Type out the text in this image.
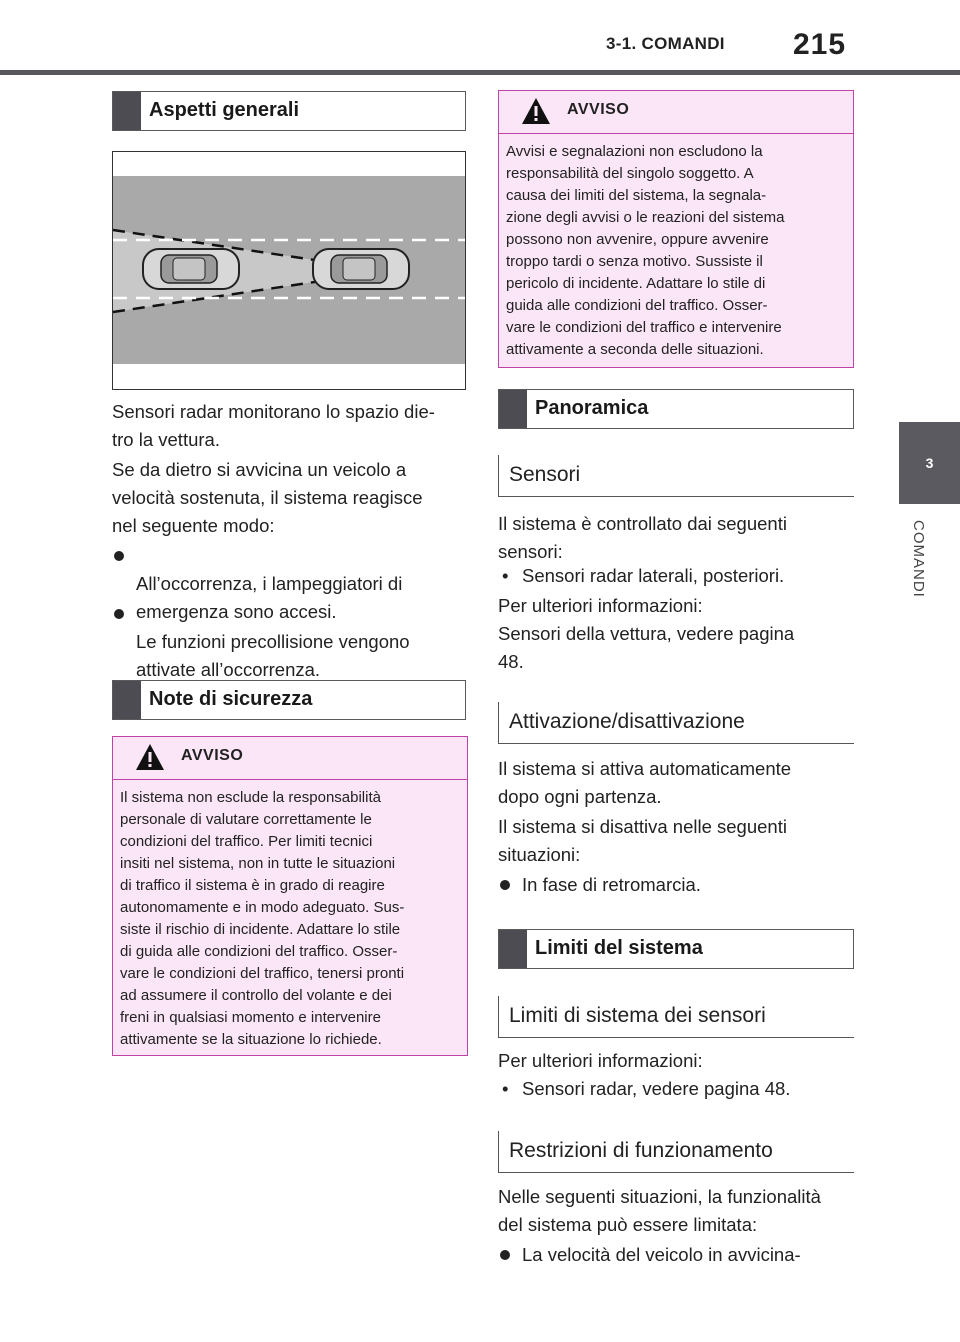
3-1. COMANDI 215
3
COMANDI
Aspetti generali
Sensori radar monitorano lo spazio die-
tro la vettura.
Se da dietro si avvicina un veicolo a
velocità sostenuta, il sistema reagisce
nel seguente modo:

All’occorrenza, i lampeggiatori di
emergenza sono accesi.

Le funzioni precollisione vengono
attivate all’occorrenza.

Note di sicurezza
AVVISO
Il sistema non esclude la responsabilità
personale di valutare correttamente le
condizioni del traffico. Per limiti tecnici
insiti nel sistema, non in tutte le situazioni
di traffico il sistema è in grado di reagire
autonomamente e in modo adeguato. Sus-
siste il rischio di incidente. Adattare lo stile
di guida alle condizioni del traffico. Osser-
vare le condizioni del traffico, tenersi pronti
ad assumere il controllo del volante e dei
freni in qualsiasi momento e intervenire
attivamente se la situazione lo richiede.
AVVISO
Avvisi e segnalazioni non escludono la
responsabilità del singolo soggetto. A
causa dei limiti del sistema, la segnala-
zione degli avvisi o le reazioni del sistema
possono non avvenire, oppure avvenire
troppo tardi o senza motivo. Sussiste il
pericolo di incidente. Adattare lo stile di
guida alle condizioni del traffico. Osser-
vare le condizioni del traffico e intervenire
attivamente a seconda delle situazioni.
Panoramica
Sensori
Il sistema è controllato dai seguenti
sensori:
• Sensori radar laterali, posteriori.
Per ulteriori informazioni:
Sensori della vettura, vedere pagina
48.
Attivazione/disattivazione
Il sistema si attiva automaticamente
dopo ogni partenza.
Il sistema si disattiva nelle seguenti
situazioni:
In fase di retromarcia.
Limiti del sistema
Limiti di sistema dei sensori
Per ulteriori informazioni:
• Sensori radar, vedere pagina 48.
Restrizioni di funzionamento
Nelle seguenti situazioni, la funzionalità
del sistema può essere limitata:
La velocità del veicolo in avvicina-
